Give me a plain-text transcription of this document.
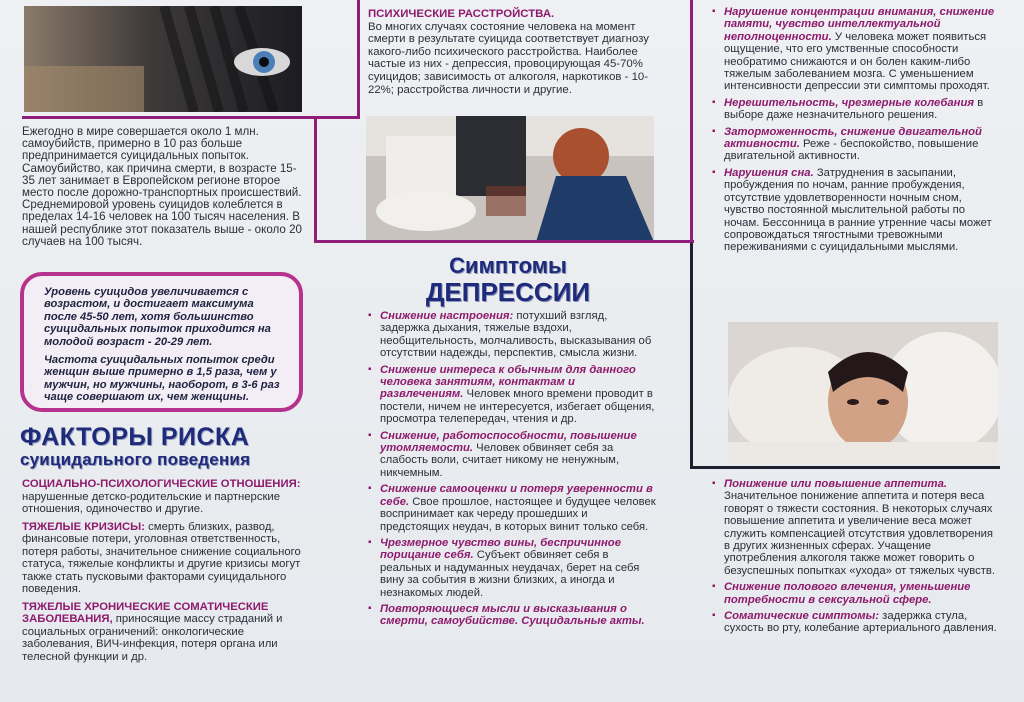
Ежегодно в мире совершается около 1 млн. самоубийств, примерно в 10 раз больше предпринимается суицидальных попыток. Самоубийство, как причина смерти, в возрасте 15-35 лет занимает в Европейском регионе второе место после дорожно-транспортных происшествий. Среднемировой уровень суицидов колеблется в пределах 14-16 человек на 100 тысяч населения. В нашей республике этот показатель выше - около 20 случаев на 100 тысяч.

Уровень суицидов увеличивается с возрастом, и достигает максимума после 45-50 лет, хотя большинство суицидальных попыток приходится на молодой возраст - 20-29 лет.

Частота суицидальных попыток среди женщин выше примерно в 1,5 раза, чем у мужчин, но мужчины, наоборот, в 3-6 раз чаще совершают их, чем женщины.

ФАКТОРЫ РИСКА
суицидального поведения

СОЦИАЛЬНО-ПСИХОЛОГИЧЕСКИЕ ОТНОШЕНИЯ: нарушенные детско-родительские и партнерские отношения, одиночество и другие.

ТЯЖЕЛЫЕ КРИЗИСЫ: смерть близких, развод, финансовые потери, уголовная ответственность, потеря работы, значительное снижение социального статуса, тяжелые конфликты и другие кризисы могут также стать пусковыми факторами суицидального поведения.

ТЯЖЕЛЫЕ ХРОНИЧЕСКИЕ СОМАТИЧЕСКИЕ ЗАБОЛЕВАНИЯ, приносящие массу страданий и социальных ограничений: онкологические заболевания, ВИЧ-инфекция, потеря органа или телесной функции и др.

ПСИХИЧЕСКИЕ РАССТРОЙСТВА.
Во многих случаях состояние человека на момент смерти в результате суицида соответствует диагнозу какого-либо психического расстройства. Наиболее частые из них - депрессия, провоцирующая 45-70% суицидов; зависимость от алкоголя, наркотиков - 10-22%; расстройства личности и другие.
Симптомы
ДЕПРЕССИИ
▪ Снижение настроения: потухший взгляд, задержка дыхания, тяжелые вздохи, необщительность, молчаливость, высказывания об отсутствии надежды, перспектив, смысла жизни.
▪ Снижение интереса к обычным для данного человека занятиям, контактам и развлечениям. Человек много времени проводит в постели, ничем не интересуется, избегает общения, просмотра телепередач, чтения и др.
▪ Снижение, работоспособности, повышение утомляемости. Человек обвиняет себя за слабость воли, считает никому не ненужным, никчемным.
▪ Снижение самооценки и потеря уверенности в себе. Свое прошлое, настоящее и будущее человек воспринимает как череду прошедших и предстоящих неудач, в которых винит только себя.
▪ Чрезмерное чувство вины, беспричинное порицание себя. Субъект обвиняет себя в реальных и надуманных неудачах, берет на себя вину за события в жизни близких, а иногда и незнакомых людей.
▪ Повторяющиеся мысли и высказывания о смерти, самоубийстве. Суицидальные акты.
▪ Нарушение концентрации внимания, снижение памяти, чувство интеллектуальной неполноценности. У человека может появиться ощущение, что его умственные способности необратимо снижаются и он болен каким-либо тяжелым заболеванием мозга. С уменьшением интенсивности депрессии эти симптомы проходят.
▪ Нерешительность, чрезмерные колебания в выборе даже незначительного решения.
▪ Заторможенность, снижение двигательной активности. Реже - беспокойство, повышение двигательной активности.
▪ Нарушения сна. Затруднения в засыпании, пробуждения по ночам, ранние пробуждения, отсутствие удовлетворенности ночным сном, чувство постоянной мыслительной работы по ночам. Бессонница в ранние утренние часы может сопровождаться тягостными тревожными переживаниями с суицидальными мыслями.
▪ Понижение или повышение аппетита. Значительное понижение аппетита и потеря веса говорят о тяжести состояния. В некоторых случаях повышение аппетита и увеличение веса может служить компенсацией отсутствия удовлетворения в других жизненных сферах. Учащение употребления алкоголя также может говорить о безуспешных попытках «ухода» от тяжелых чувств.
▪ Снижение полового влечения, уменьшение потребности в сексуальной сфере.
▪ Соматические симптомы: задержка стула, сухость во рту, колебание артериального давления.
